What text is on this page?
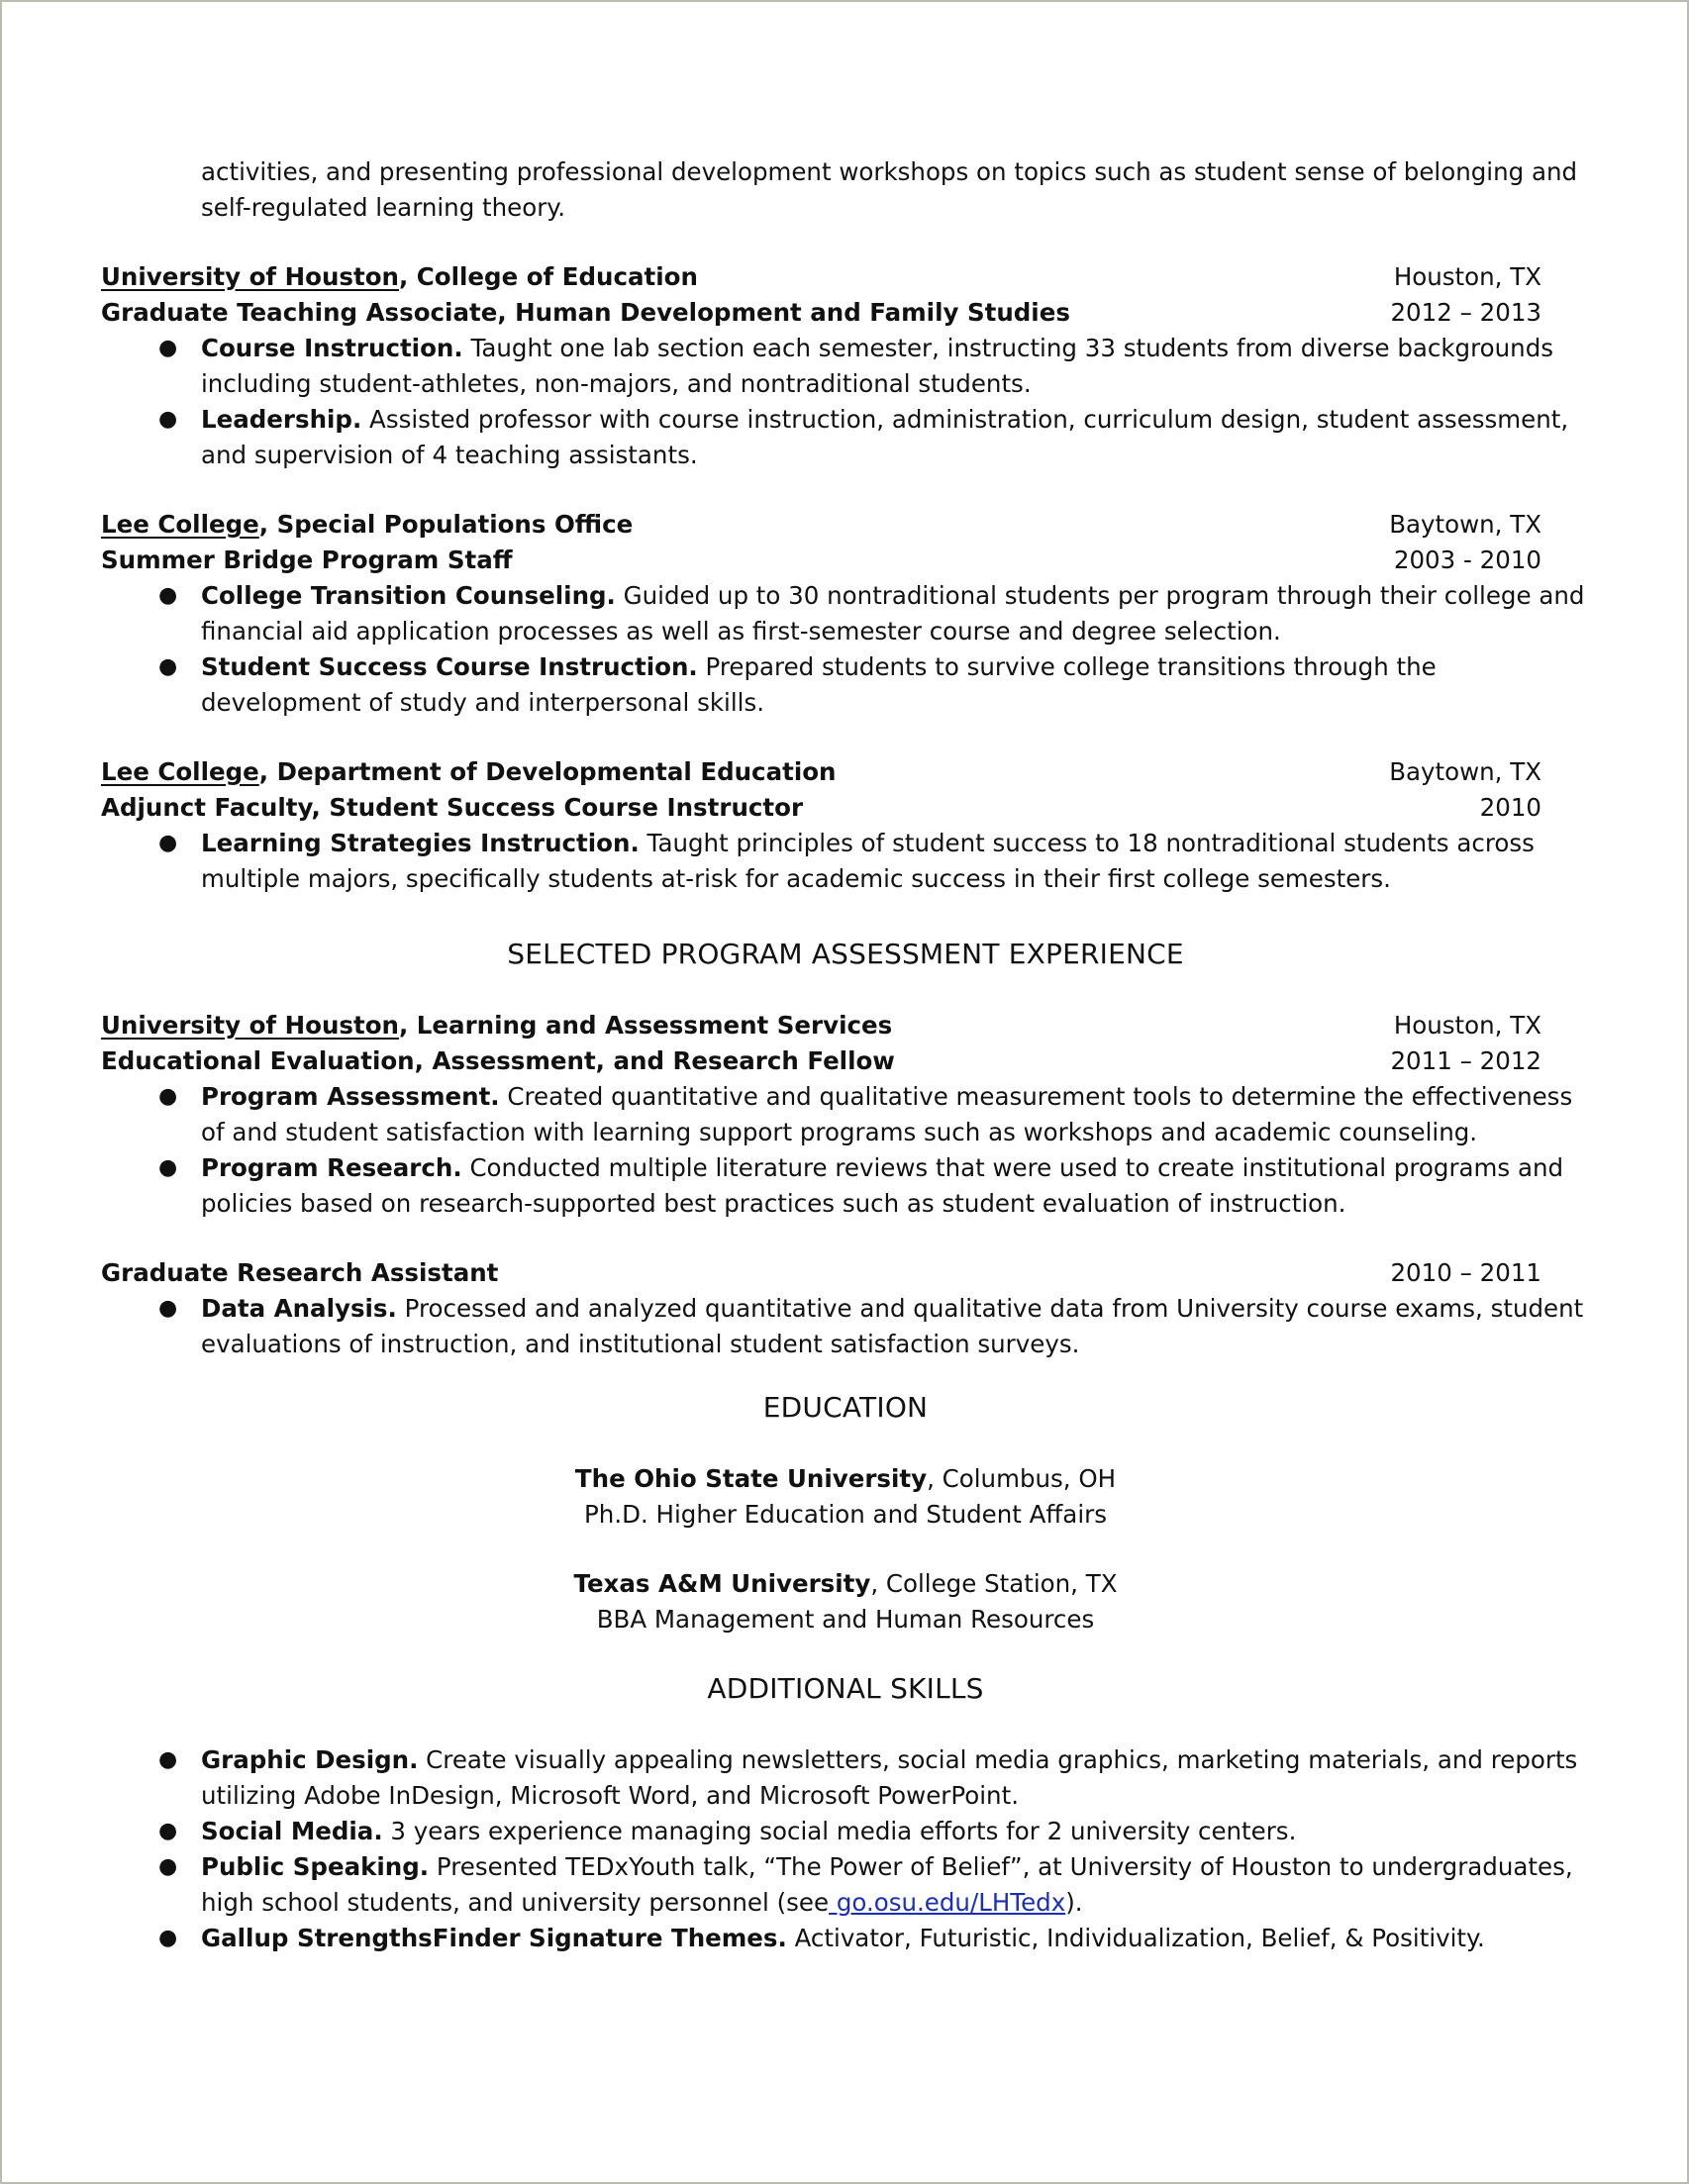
activities, and presenting professional development workshops on topics such as student sense of belonging and self-regulated learning theory.
University of Houston, College of Education	Houston, TX
Graduate Teaching Associate, Human Development and Family Studies	2012 – 2013
● Course Instruction. Taught one lab section each semester, instructing 33 students from diverse backgrounds including student-athletes, non-majors, and nontraditional students.
● Leadership. Assisted professor with course instruction, administration, curriculum design, student assessment, and supervision of 4 teaching assistants.
Lee College, Special Populations Office	Baytown, TX
Summer Bridge Program Staff	2003 - 2010
● College Transition Counseling. Guided up to 30 nontraditional students per program through their college and financial aid application processes as well as first-semester course and degree selection.
● Student Success Course Instruction. Prepared students to survive college transitions through the development of study and interpersonal skills.
Lee College, Department of Developmental Education	Baytown, TX
Adjunct Faculty, Student Success Course Instructor	2010
● Learning Strategies Instruction. Taught principles of student success to 18 nontraditional students across multiple majors, specifically students at-risk for academic success in their first college semesters.
SELECTED PROGRAM ASSESSMENT EXPERIENCE
University of Houston, Learning and Assessment Services	Houston, TX
Educational Evaluation, Assessment, and Research Fellow	2011 – 2012
● Program Assessment. Created quantitative and qualitative measurement tools to determine the effectiveness of and student satisfaction with learning support programs such as workshops and academic counseling.
● Program Research. Conducted multiple literature reviews that were used to create institutional programs and policies based on research-supported best practices such as student evaluation of instruction.
Graduate Research Assistant	2010 – 2011
● Data Analysis. Processed and analyzed quantitative and qualitative data from University course exams, student evaluations of instruction, and institutional student satisfaction surveys.
EDUCATION
The Ohio State University, Columbus, OH
Ph.D. Higher Education and Student Affairs
Texas A&M University, College Station, TX
BBA Management and Human Resources
ADDITIONAL SKILLS
● Graphic Design. Create visually appealing newsletters, social media graphics, marketing materials, and reports utilizing Adobe InDesign, Microsoft Word, and Microsoft PowerPoint.
● Social Media. 3 years experience managing social media efforts for 2 university centers.
● Public Speaking. Presented TEDxYouth talk, “The Power of Belief”, at University of Houston to undergraduates, high school students, and university personnel (see go.osu.edu/LHTedx).
● Gallup StrengthsFinder Signature Themes. Activator, Futuristic, Individualization, Belief, & Positivity.
